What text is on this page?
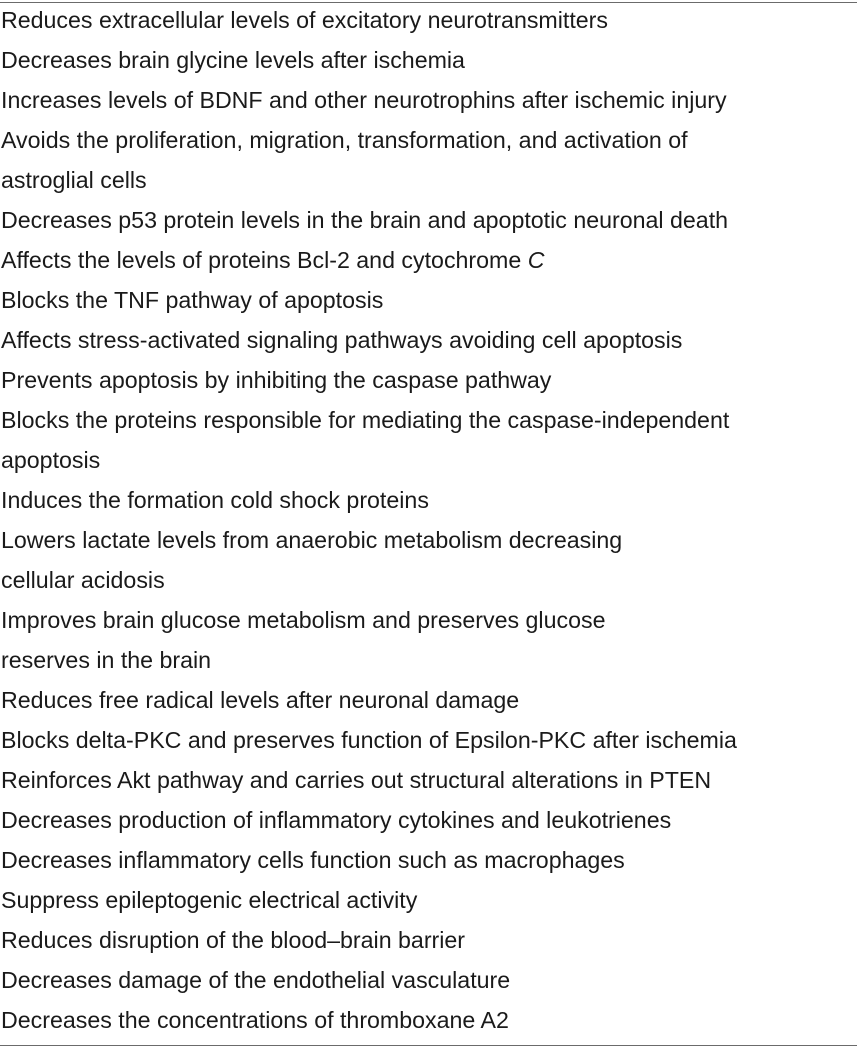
Reduces extracellular levels of excitatory neurotransmitters
Decreases brain glycine levels after ischemia
Increases levels of BDNF and other neurotrophins after ischemic injury
Avoids the proliferation, migration, transformation, and activation of
astroglial cells
Decreases p53 protein levels in the brain and apoptotic neuronal death
Affects the levels of proteins Bcl-2 and cytochrome C
Blocks the TNF pathway of apoptosis
Affects stress-activated signaling pathways avoiding cell apoptosis
Prevents apoptosis by inhibiting the caspase pathway
Blocks the proteins responsible for mediating the caspase-independent
apoptosis
Induces the formation cold shock proteins
Lowers lactate levels from anaerobic metabolism decreasing
cellular acidosis
Improves brain glucose metabolism and preserves glucose
reserves in the brain
Reduces free radical levels after neuronal damage
Blocks delta-PKC and preserves function of Epsilon-PKC after ischemia
Reinforces Akt pathway and carries out structural alterations in PTEN
Decreases production of inflammatory cytokines and leukotrienes
Decreases inflammatory cells function such as macrophages
Suppress epileptogenic electrical activity
Reduces disruption of the blood–brain barrier
Decreases damage of the endothelial vasculature
Decreases the concentrations of thromboxane A2
